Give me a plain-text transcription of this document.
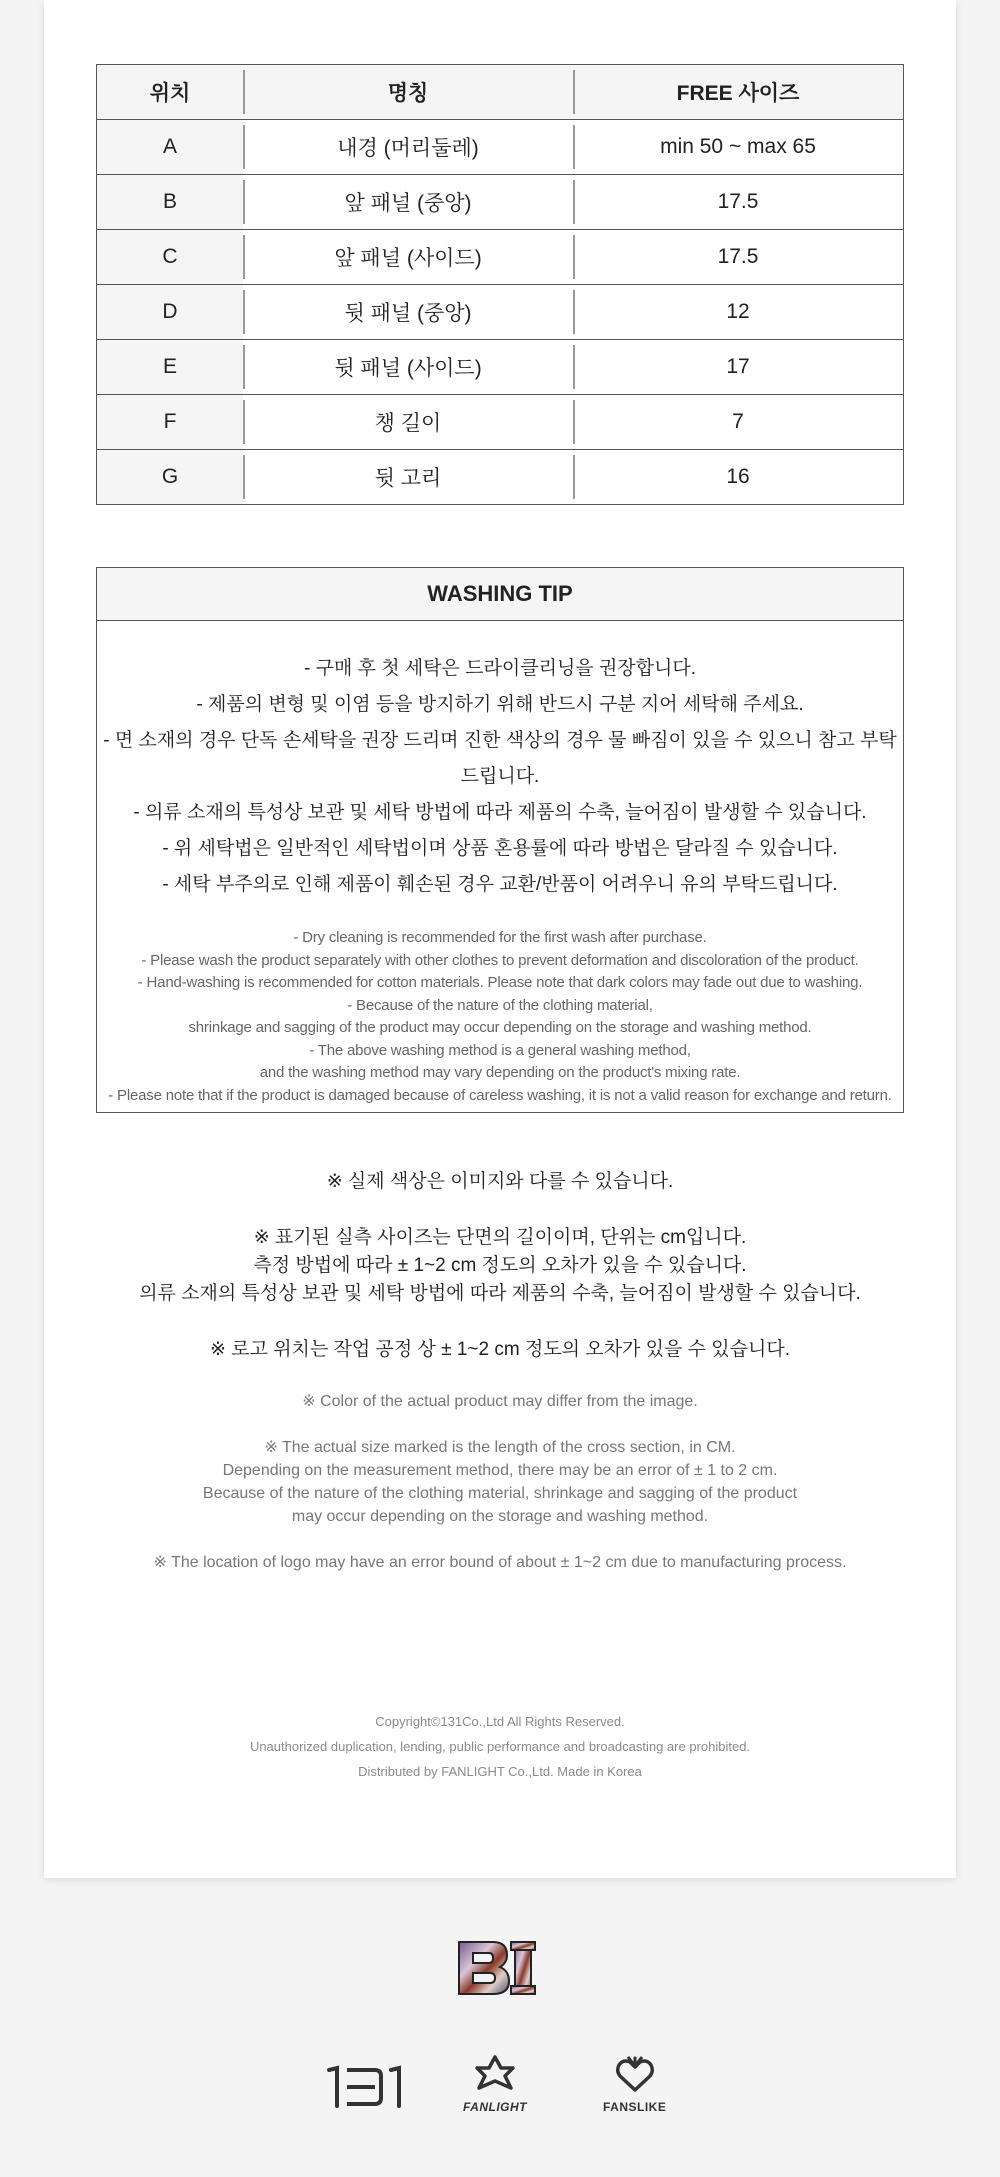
위치	명칭	FREE 사이즈
A	내경 (머리둘레)	min 50 ~ max 65
B	앞 패널 (중앙)	17.5
C	앞 패널 (사이드)	17.5
D	뒷 패널 (중앙)	12
E	뒷 패널 (사이드)	17
F	챙 길이	7
G	뒷 고리	16
WASHING TIP
- 구매 후 첫 세탁은 드라이클리닝을 권장합니다.
- 제품의 변형 및 이염 등을 방지하기 위해 반드시 구분 지어 세탁해 주세요.
- 면 소재의 경우 단독 손세탁을 권장 드리며 진한 색상의 경우 물 빠짐이 있을 수 있으니 참고 부탁드립니다.
- 의류 소재의 특성상 보관 및 세탁 방법에 따라 제품의 수축, 늘어짐이 발생할 수 있습니다.
- 위 세탁법은 일반적인 세탁법이며 상품 혼용률에 따라 방법은 달라질 수 있습니다.
- 세탁 부주의로 인해 제품이 훼손된 경우 교환/반품이 어려우니 유의 부탁드립니다.
- Dry cleaning is recommended for the first wash after purchase.
- Please wash the product separately with other clothes to prevent deformation and discoloration of the product.
- Hand-washing is recommended for cotton materials. Please note that dark colors may fade out due to washing.
- Because of the nature of the clothing material,
shrinkage and sagging of the product may occur depending on the storage and washing method.
- The above washing method is a general washing method,
and the washing method may vary depending on the product's mixing rate.
- Please note that if the product is damaged because of careless washing, it is not a valid reason for exchange and return.
※ 실제 색상은 이미지와 다를 수 있습니다.
※ 표기된 실측 사이즈는 단면의 길이이며, 단위는 cm입니다.
측정 방법에 따라 ± 1~2 cm 정도의 오차가 있을 수 있습니다.
의류 소재의 특성상 보관 및 세탁 방법에 따라 제품의 수축, 늘어짐이 발생할 수 있습니다.
※ 로고 위치는 작업 공정 상 ± 1~2 cm 정도의 오차가 있을 수 있습니다.
※ Color of the actual product may differ from the image.
※ The actual size marked is the length of the cross section, in CM.
Depending on the measurement method, there may be an error of ± 1 to 2 cm.
Because of the nature of the clothing material, shrinkage and sagging of the product
may occur depending on the storage and washing method.
※ The location of logo may have an error bound of about ± 1~2 cm due to manufacturing process.
Copyright©131Co.,Ltd All Rights Reserved.
Unauthorized duplication, lending, public performance and broadcasting are prohibited.
Distributed by FANLIGHT Co.,Ltd. Made in Korea
FANLIGHT	FANSLIKE
